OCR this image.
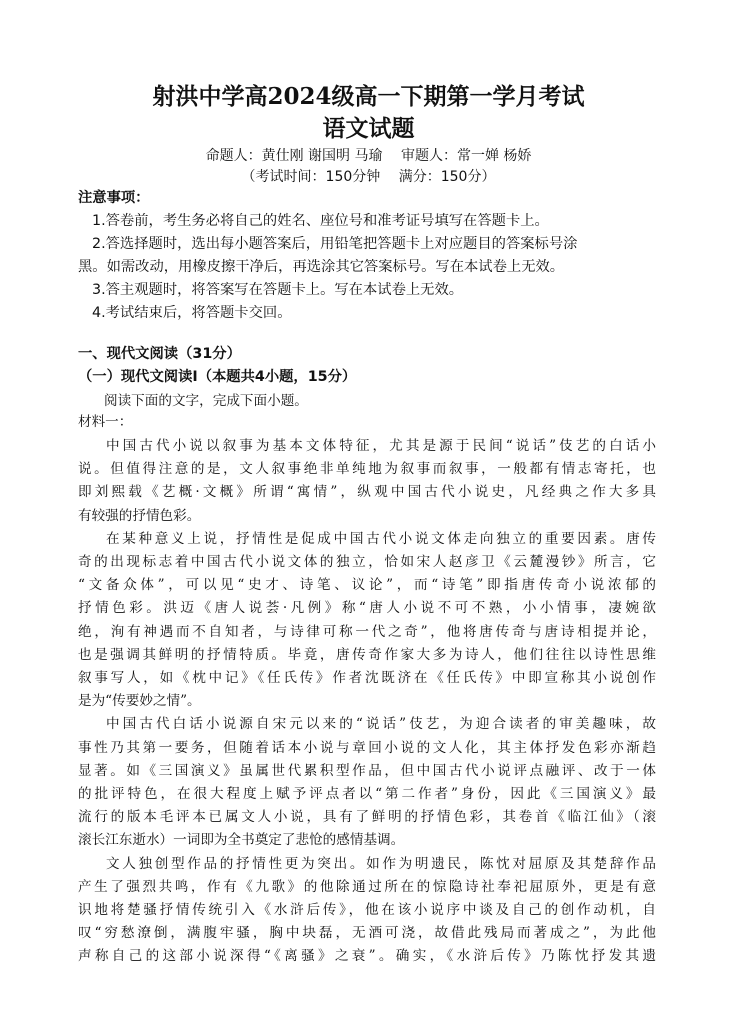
射洪中学高2024级高一下期第一学月考试
语文试题
命题人：黄仕刚 谢国明 马瑜　 审题人：常一婵 杨娇
（考试时间：150分钟　 满分：150分）
注意事项：
1.答卷前，考生务必将自己的姓名、座位号和准考证号填写在答题卡上。
2.答选择题时，选出每小题答案后，用铅笔把答题卡上对应题目的答案标号涂
黑。如需改动，用橡皮擦干净后，再选涂其它答案标号。写在本试卷上无效。
3.答主观题时，将答案写在答题卡上。写在本试卷上无效。
4.考试结束后，将答题卡交回。
一、现代文阅读（31分）
（一）现代文阅读Ⅰ（本题共4小题，15分）
阅读下面的文字，完成下面小题。
材料一：
中国古代小说以叙事为基本文体特征，尤其是源于民间“说话”伎艺的白话小
说。但值得注意的是，文人叙事绝非单纯地为叙事而叙事，一般都有情志寄托，也
即刘熙载《艺概·文概》所谓“寓情”，纵观中国古代小说史，凡经典之作大多具
有较强的抒情色彩。
在某种意义上说，抒情性是促成中国古代小说文体走向独立的重要因素。唐传
奇的出现标志着中国古代小说文体的独立，恰如宋人赵彦卫《云麓漫钞》所言，它
“文备众体”，可以见“史才、诗笔、议论”，而“诗笔”即指唐传奇小说浓郁的
抒情色彩。洪迈《唐人说荟·凡例》称“唐人小说不可不熟，小小情事，凄婉欲
绝，洵有神遇而不自知者，与诗律可称一代之奇”，他将唐传奇与唐诗相提并论，
也是强调其鲜明的抒情特质。毕竟，唐传奇作家大多为诗人，他们往往以诗性思维
叙事写人，如《枕中记》《任氏传》作者沈既济在《任氏传》中即宣称其小说创作
是为“传要妙之情”。
中国古代白话小说源自宋元以来的“说话”伎艺，为迎合读者的审美趣味，故
事性乃其第一要务，但随着话本小说与章回小说的文人化，其主体抒发色彩亦渐趋
显著。如《三国演义》虽属世代累积型作品，但中国古代小说评点融评、改于一体
的批评特色，在很大程度上赋予评点者以“第二作者”身份，因此《三国演义》最
流行的版本毛评本已属文人小说，具有了鲜明的抒情色彩，其卷首《临江仙》（滚
滚长江东逝水）一词即为全书奠定了悲怆的感情基调。
文人独创型作品的抒情性更为突出。如作为明遗民，陈忱对屈原及其楚辞作品
产生了强烈共鸣，作有《九歌》的他除通过所在的惊隐诗社奉祀屈原外，更是有意
识地将楚骚抒情传统引入《水浒后传》，他在该小说序中谈及自己的创作动机，自
叹“穷愁潦倒，满腹牢骚，胸中块磊，无酒可浇，故借此残局而著成之”，为此他
声称自己的这部小说深得“《离骚》之衰”。确实，《水浒后传》乃陈忱抒发其遗
